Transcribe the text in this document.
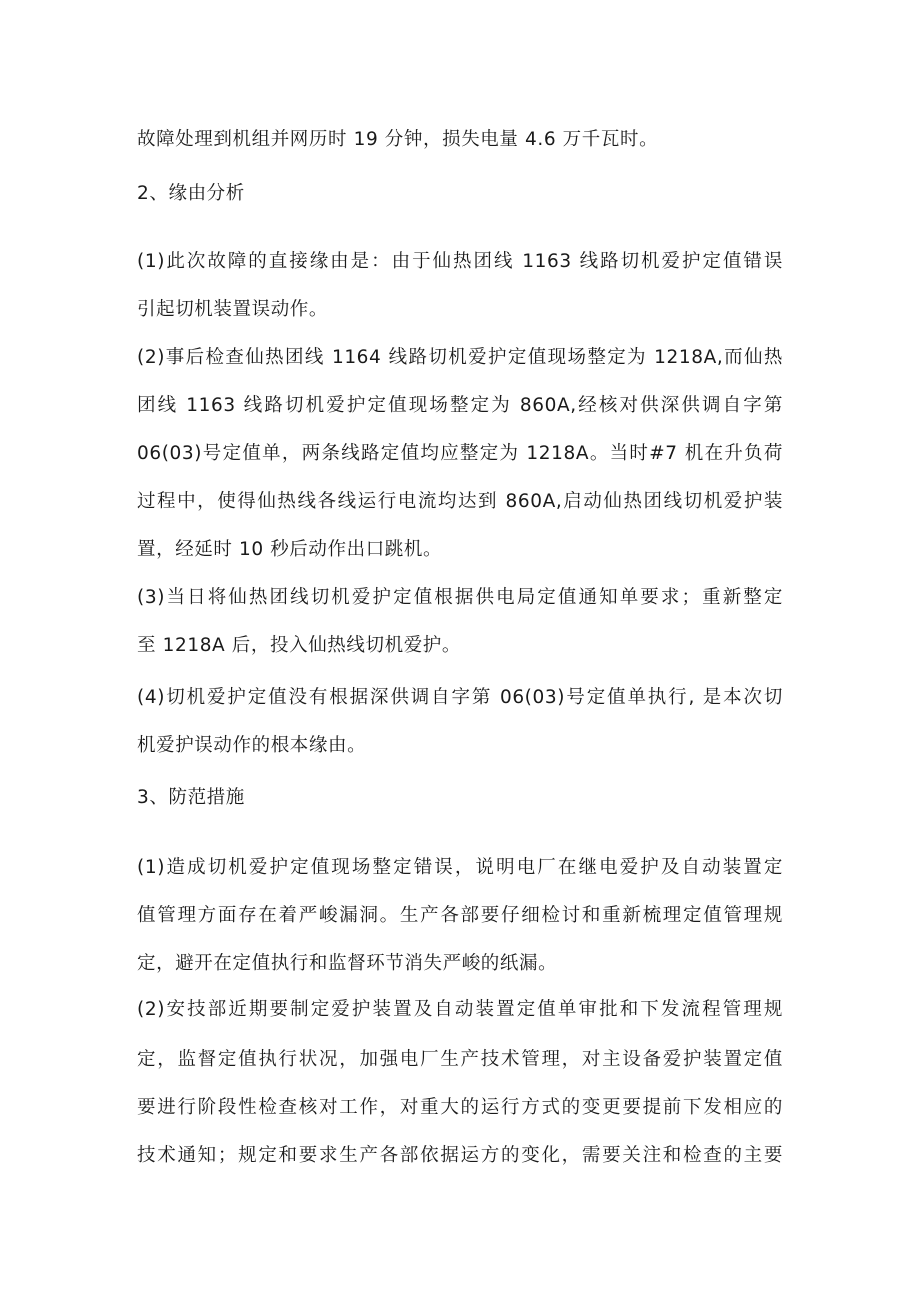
故障处理到机组并网历时 19 分钟，损失电量 4.6 万千瓦时。
2、缘由分析
(1)此次故障的直接缘由是：由于仙热团线 1163 线路切机爱护定值错误
引起切机装置误动作。
(2)事后检查仙热团线 1164 线路切机爱护定值现场整定为 1218A,而仙热
团线 1163 线路切机爱护定值现场整定为 860A,经核对供深供调自字第
06(03)号定值单，两条线路定值均应整定为 1218A。当时#7 机在升负荷
过程中，使得仙热线各线运行电流均达到 860A,启动仙热团线切机爱护装
置，经延时 10 秒后动作出口跳机。
(3)当日将仙热团线切机爱护定值根据供电局定值通知单要求；重新整定
至 1218A 后，投入仙热线切机爱护。
(4)切机爱护定值没有根据深供调自字第 06(03)号定值单执行, 是本次切
机爱护误动作的根本缘由。
3、防范措施
(1)造成切机爱护定值现场整定错误，说明电厂在继电爱护及自动装置定
值管理方面存在着严峻漏洞。生产各部要仔细检讨和重新梳理定值管理规
定，避开在定值执行和监督环节消失严峻的纸漏。
(2)安技部近期要制定爱护装置及自动装置定值单审批和下发流程管理规
定，监督定值执行状况，加强电厂生产技术管理，对主设备爱护装置定值
要进行阶段性检查核对工作，对重大的运行方式的变更要提前下发相应的
技术通知；规定和要求生产各部依据运方的变化，需要关注和检查的主要
